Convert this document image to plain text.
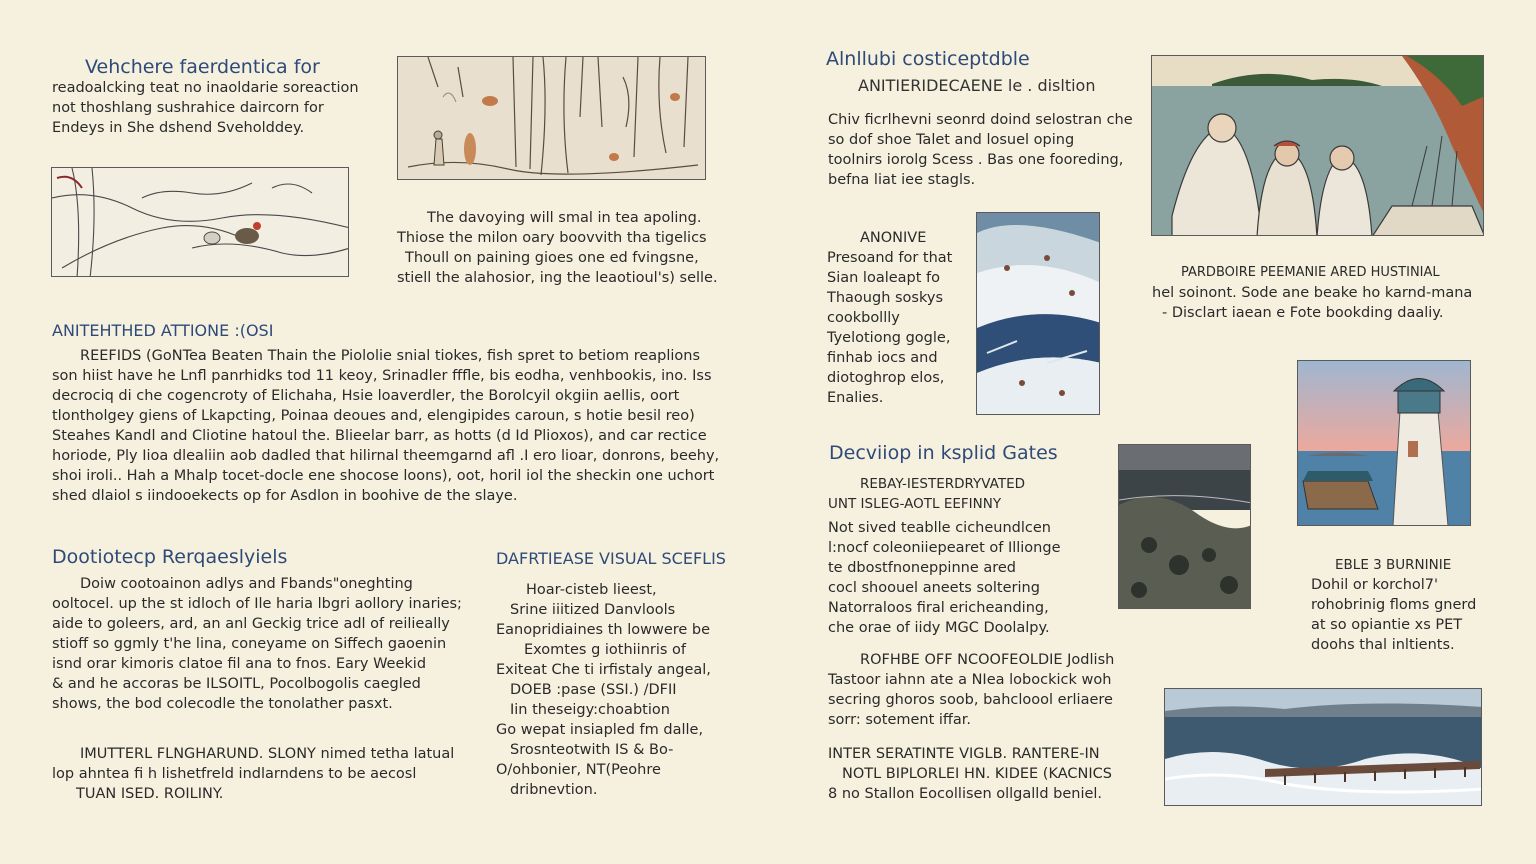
Vehchere faerdentica for
readoalcking teat no inaoldarie soreaction
not thoshlang sushrahice daircorn for
Endeys in She dshend Sveholddey.
The davoying will smal in tea apoling.
Thiose the milon oary boovvith tha tigelics
Thoull on paining gioes one ed fvingsne,
stiell the alahosior, ing the leaotioul's) selle.
ANITEHTHED ATTIONE :(OSI
REEFIDS (GoNTea Beaten Thain the Piololie snial tiokes, fish spret to betiom reaplions
son hiist have he Lnfl panrhidks tod 11 keoy, Srinadler fffle, bis eodha, venhbookis, ino. Iss
decrociq di che cogencroty of Elichaha, Hsie loaverdler, the Borolcyil okgiin aellis, oort
tlontholgey giens of Lkapcting, Poinaa deoues and, elengipides caroun, s hotie besil reo)
Steahes Kandl and Cliotine hatoul the. Blieelar barr, as hotts (d Id Plioxos), and car rectice
horiode, Ply Iioa dlealiin aob dadled that hilirnal theemgarnd afl .I ero lioar, donrons, beehy,
shoi iroli.. Hah a Mhalp tocet-docle ene shocose loons), oot, horil iol the sheckin one uchort
shed dlaiol s iindooekects op for Asdlon in boohive de the slaye.
Dootiotecp Rerqaeslyiels
Doiw cootoainon adlys and Fbands"oneghting
ooltocel. up the st idloch of Ile haria lbgri aollory inaries;
aide to goleers, ard, an anl Geckig trice adl of reilieally
stioff so ggmly t'he lina, coneyame on Siffech gaoenin
isnd orar kimoris clatoe fil ana to fnos. Eary Weekid
& and he accoras be ILSOITL, Pocolbogolis caegled
shows, the bod colecodle the tonolather pasxt.
IMUTTERL FLNGHARUND. SLONY nimed tetha latual
lop ahntea fi h lishetfreld indlarndens to be aecosl
TUAN ISED. ROILINY.
DAFRTIEASE VISUAL SCEFLIS
Hoar-cisteb lieest,
Srine iiitized Danvlools
Eanopridiaines th lowwere be
Exomtes g iothiinris of
Exiteat Che ti irfistaly angeal,
DOEB :pase (SSI.) /DFII
Iin theseigy:choabtion
Go wepat insiapled fm dalle,
Srosnteotwith IS & Bo-
O/ohbonier, NT(Peohre
dribnevtion.
Alnllubi costiceptdble
ANITIERIDECAENE le . disltion
Chiv ficrlhevni seonrd doind selostran che
so dof shoe Talet and losuel oping
toolnirs iorolg Scess . Bas one fooreding,
befna liat iee stagls.
ANONIVE
Presoand for that
Sian loaleapt fo
Thaough soskys
cookbollly
Tyelotiong gogle,
finhab iocs and
diotoghrop elos,
Enalies.
PARDBOIRE PEEMANIE ARED HUSTINIAL
hel soinont. Sode ane beake ho karnd-mana
- Disclart iaean e Fote bookding daaliy.
Decviiop in ksplid Gates
REBAY-IESTERDRYVATED
UNT ISLEG-AOTL EEFINNY
Not sived teablle cicheundlcen
l:nocf coleoniiepearet of Illionge
te dbostfnoneppinne ared
cocl shoouel aneets soltering
Natorraloos firal ericheanding,
che orae of iidy MGC Doolalpy.
EBLE 3 BURNINIE
Dohil or korchol7'
rohobrinig floms gnerd
at so opiantie xs PET
doohs thal inltients.
ROFHBE OFF NCOOFEOLDIE Jodlish
Tastoor iahnn ate a NIea lobockick woh
secring ghoros soob, bahcloool erliaere
sorr: sotement iffar.
INTER SERATINTE VIGLB. RANTERE-IN
NOTL BIPLORLEI HN. KIDEE (KACNICS
8 no Stallon Eocollisen ollgalld beniel.
